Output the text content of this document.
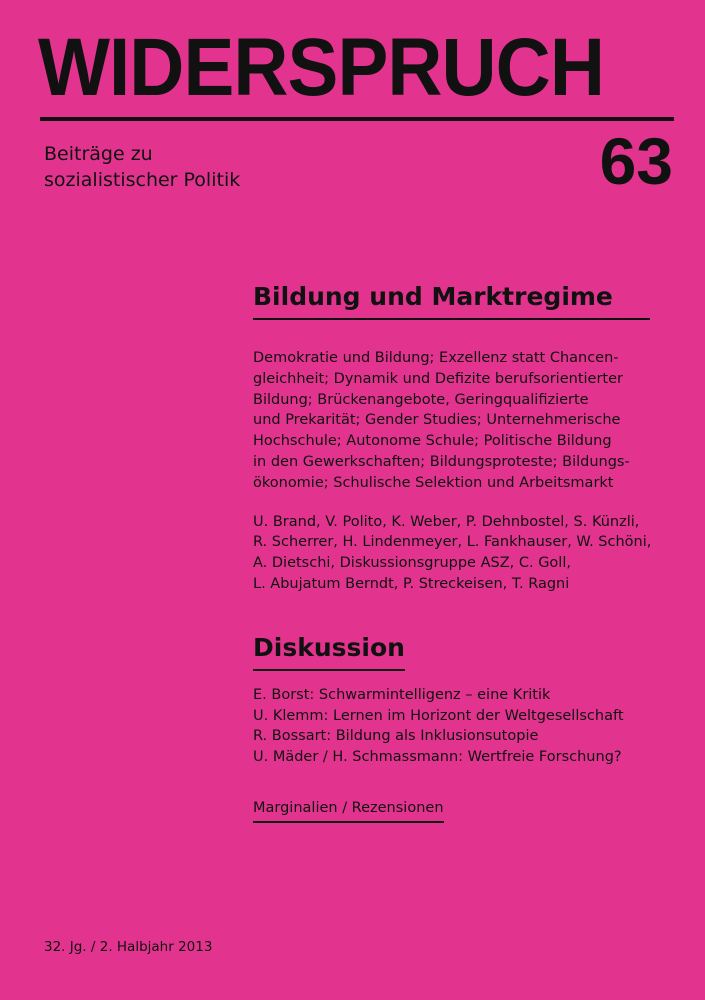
WIDERSPRUCH
Beiträge zu
sozialistischer Politik	63
Bildung und Marktregime
Demokratie und Bildung; Exzellenz statt Chancen-
gleichheit; Dynamik und Defizite berufsorientierter
Bildung; Brückenangebote, Geringqualifizierte
und Prekarität; Gender Studies; Unternehmerische
Hochschule; Autonome Schule; Politische Bildung
in den Gewerkschaften; Bildungsproteste; Bildungs-
ökonomie; Schulische Selektion und Arbeitsmarkt
U. Brand, V. Polito, K. Weber, P. Dehnbostel, S. Künzli,
R. Scherrer, H. Lindenmeyer, L. Fankhauser, W. Schöni,
A. Dietschi, Diskussionsgruppe ASZ, C. Goll,
L. Abujatum Berndt, P. Streckeisen, T. Ragni
Diskussion
E. Borst: Schwarmintelligenz – eine Kritik
U. Klemm: Lernen im Horizont der Weltgesellschaft
R. Bossart: Bildung als Inklusionsutopie
U. Mäder / H. Schmassmann: Wertfreie Forschung?
Marginalien / Rezensionen
32. Jg. / 2. Halbjahr 2013
